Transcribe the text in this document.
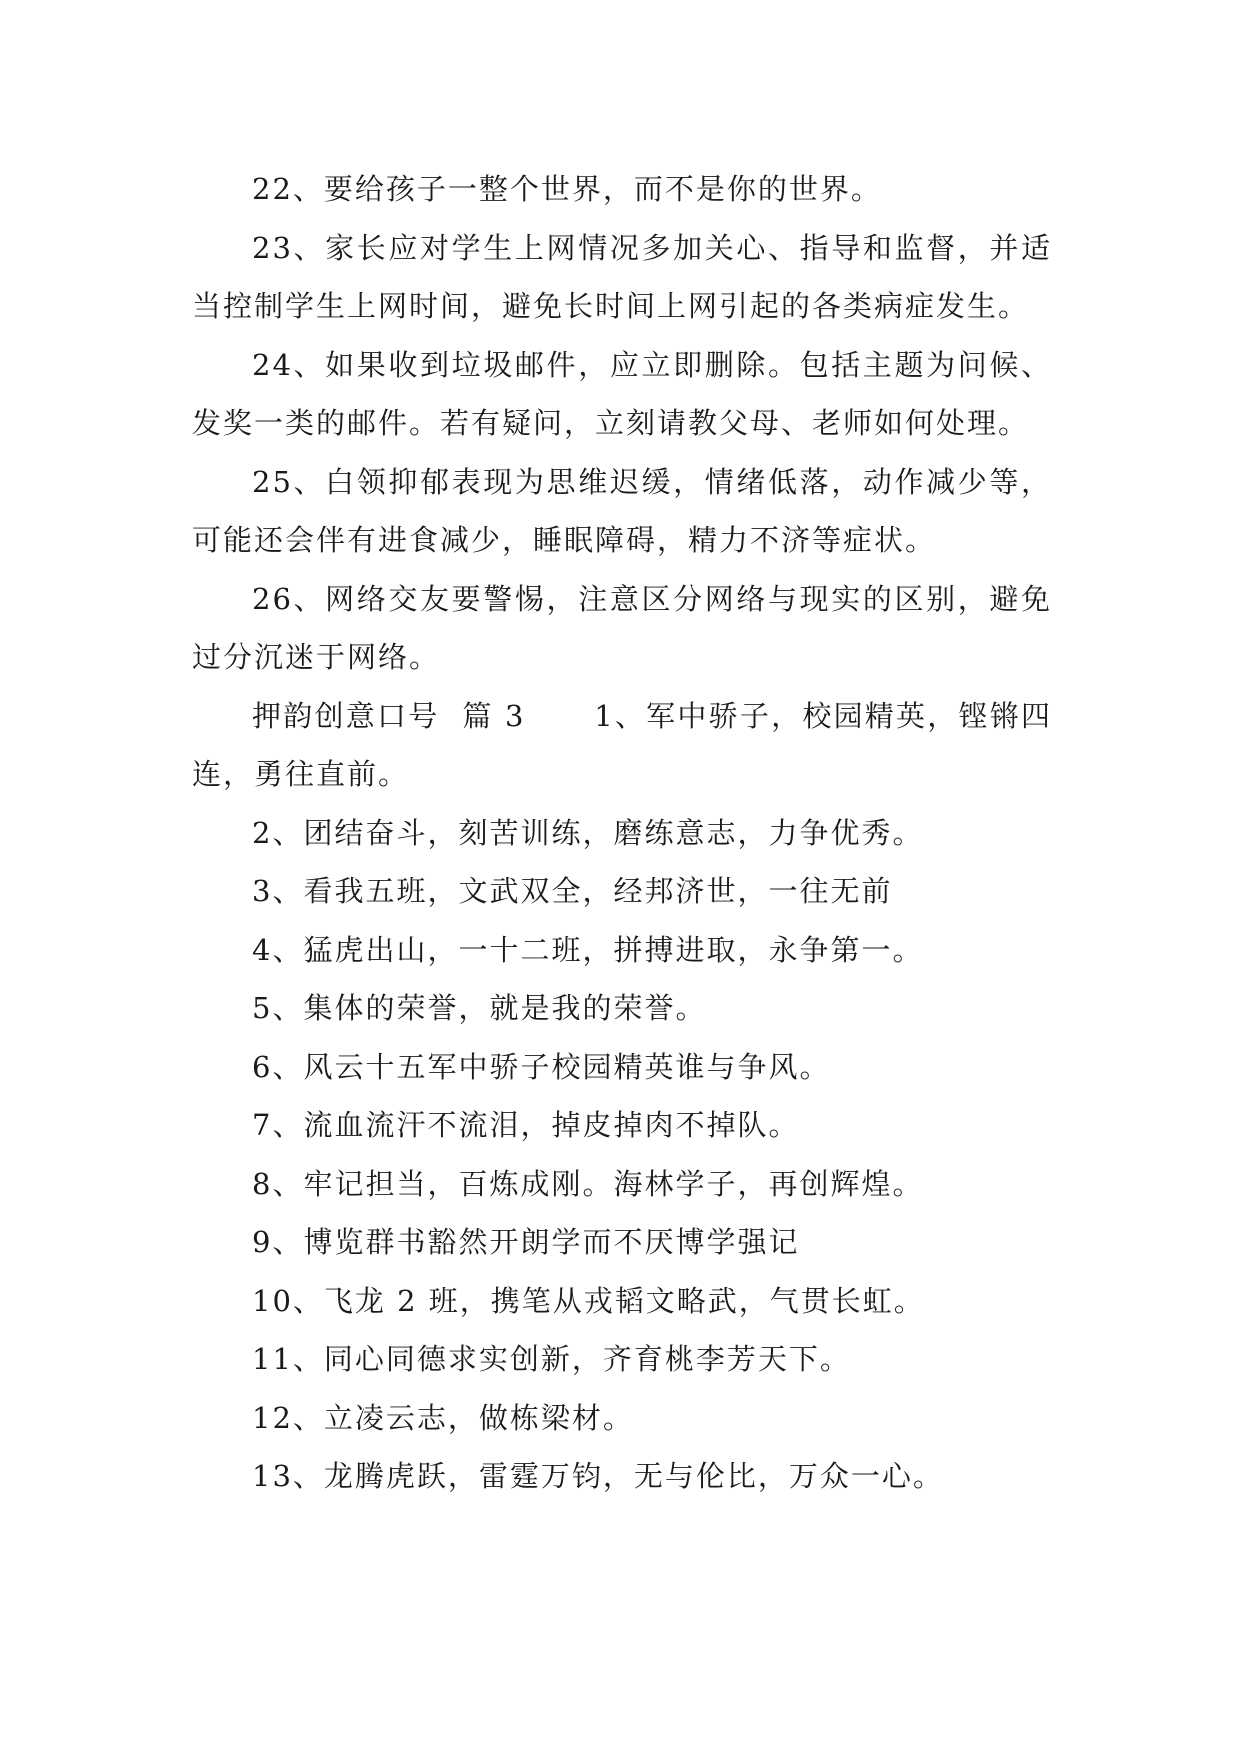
22、要给孩子一整个世界，而不是你的世界。

23、家长应对学生上网情况多加关心、指导和监督，并适当控制学生上网时间，避免长时间上网引起的各类病症发生。

24、如果收到垃圾邮件，应立即删除。包括主题为问候、发奖一类的邮件。若有疑问，立刻请教父母、老师如何处理。

25、白领抑郁表现为思维迟缓，情绪低落，动作减少等，可能还会伴有进食减少，睡眠障碍，精力不济等症状。

26、网络交友要警惕，注意区分网络与现实的区别，避免过分沉迷于网络。

押韵创意口号  篇 3      1、军中骄子，校园精英，铿锵四连，勇往直前。

2、团结奋斗，刻苦训练，磨练意志，力争优秀。

3、看我五班，文武双全，经邦济世，一往无前

4、猛虎出山，一十二班，拼搏进取，永争第一。

5、集体的荣誉，就是我的荣誉。

6、风云十五军中骄子校园精英谁与争风。

7、流血流汗不流泪，掉皮掉肉不掉队。

8、牢记担当，百炼成刚。海林学子，再创辉煌。

9、博览群书豁然开朗学而不厌博学强记

10、飞龙 2 班，携笔从戎韬文略武，气贯长虹。

11、同心同德求实创新，齐育桃李芳天下。

12、立凌云志，做栋梁材。

13、龙腾虎跃，雷霆万钧，无与伦比，万众一心。
